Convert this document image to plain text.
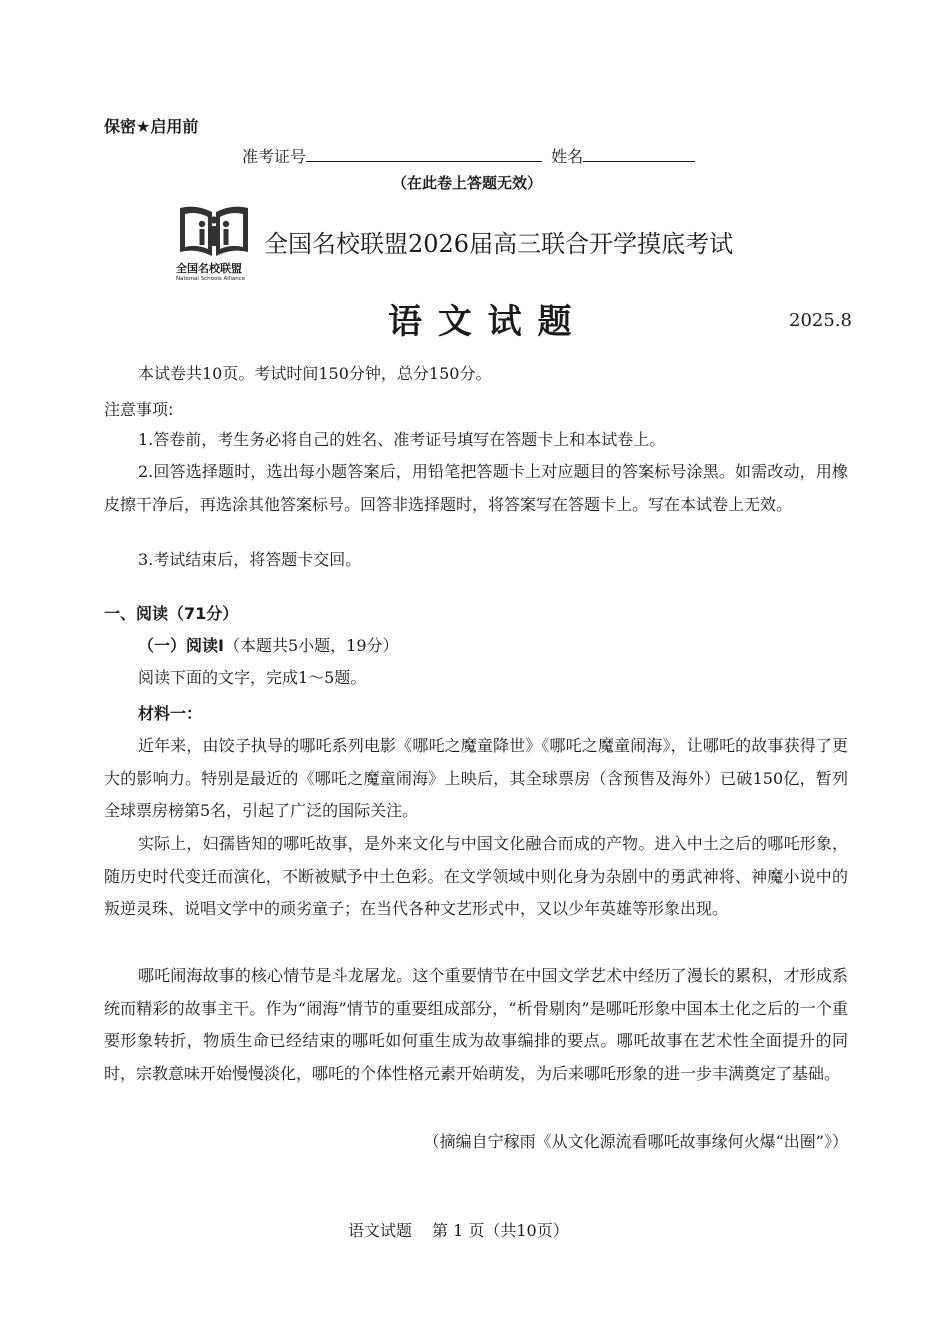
保密★启用前
准考证号	姓名
（在此卷上答题无效）
全国名校联盟
National Schools Alliance
全国名校联盟2026届高三联合开学摸底考试
语 文 试 题	2025.8
本试卷共10页。考试时间150分钟，总分150分。
注意事项:
1.答卷前，考生务必将自己的姓名、准考证号填写在答题卡上和本试卷上。
2.回答选择题时，选出每小题答案后，用铅笔把答题卡上对应题目的答案标号涂黑。如需改动，用橡皮擦干净后，再选涂其他答案标号。回答非选择题时，将答案写在答题卡上。写在本试卷上无效。
3.考试结束后，将答题卡交回。
一、阅读（71分）
（一）阅读Ⅰ（本题共5小题，19分）
阅读下面的文字，完成1～5题。
材料一：
近年来，由饺子执导的哪吒系列电影《哪吒之魔童降世》《哪吒之魔童闹海》，让哪吒的故事获得了更大的影响力。特别是最近的《哪吒之魔童闹海》上映后，其全球票房（含预售及海外）已破150亿，暂列全球票房榜第5名，引起了广泛的国际关注。
实际上，妇孺皆知的哪吒故事，是外来文化与中国文化融合而成的产物。进入中土之后的哪吒形象，随历史时代变迁而演化，不断被赋予中土色彩。在文学领域中则化身为杂剧中的勇武神将、神魔小说中的叛逆灵珠、说唱文学中的顽劣童子；在当代各种文艺形式中，又以少年英雄等形象出现。
哪吒闹海故事的核心情节是斗龙屠龙。这个重要情节在中国文学艺术中经历了漫长的累积，才形成系统而精彩的故事主干。作为“闹海”情节的重要组成部分，“析骨剔肉”是哪吒形象中国本土化之后的一个重要形象转折，物质生命已经结束的哪吒如何重生成为故事编排的要点。哪吒故事在艺术性全面提升的同时，宗教意味开始慢慢淡化，哪吒的个体性格元素开始萌发，为后来哪吒形象的进一步丰满奠定了基础。
（摘编自宁稼雨《从文化源流看哪吒故事缘何火爆“出圈”》）
语文试题 第 1 页（共10页）
